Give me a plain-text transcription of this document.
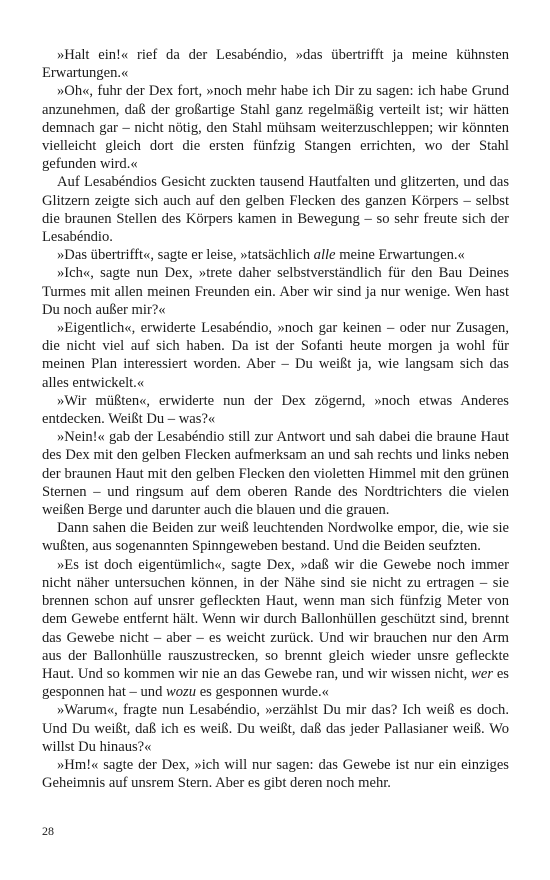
»Halt ein!« rief da der Lesabéndio, »das übertrifft ja meine kühnsten Erwartungen.«

»Oh«, fuhr der Dex fort, »noch mehr habe ich Dir zu sagen: ich habe Grund anzunehmen, daß der großartige Stahl ganz regelmäßig verteilt ist; wir hätten demnach gar – nicht nötig, den Stahl mühsam weiterzuschleppen; wir könnten vielleicht gleich dort die ersten fünfzig Stangen errichten, wo der Stahl gefunden wird.«

Auf Lesabéndios Gesicht zuckten tausend Hautfalten und glitzerten, und das Glitzern zeigte sich auch auf den gelben Flecken des ganzen Körpers – selbst die braunen Stellen des Körpers kamen in Bewegung – so sehr freute sich der Lesabéndio.

»Das übertrifft«, sagte er leise, »tatsächlich alle meine Erwartungen.«

»Ich«, sagte nun Dex, »trete daher selbstverständlich für den Bau Deines Turmes mit allen meinen Freunden ein. Aber wir sind ja nur wenige. Wen hast Du noch außer mir?«

»Eigentlich«, erwiderte Lesabéndio, »noch gar keinen – oder nur Zusagen, die nicht viel auf sich haben. Da ist der Sofanti heute morgen ja wohl für meinen Plan interessiert worden. Aber – Du weißt ja, wie langsam sich das alles entwickelt.«

»Wir müßten«, erwiderte nun der Dex zögernd, »noch etwas Anderes entdecken. Weißt Du – was?«

»Nein!« gab der Lesabéndio still zur Antwort und sah dabei die braune Haut des Dex mit den gelben Flecken aufmerksam an und sah rechts und links neben der braunen Haut mit den gelben Flecken den violetten Himmel mit den grünen Sternen – und ringsum auf dem oberen Rande des Nordtrichters die vielen weißen Berge und darunter auch die blauen und die grauen.

Dann sahen die Beiden zur weiß leuchtenden Nordwolke empor, die, wie sie wußten, aus sogenannten Spinngeweben bestand. Und die Beiden seufzten.

»Es ist doch eigentümlich«, sagte Dex, »daß wir die Gewebe noch immer nicht näher untersuchen können, in der Nähe sind sie nicht zu ertragen – sie brennen schon auf unsrer gefleckten Haut, wenn man sich fünfzig Meter von dem Gewebe entfernt hält. Wenn wir durch Ballonhüllen geschützt sind, brennt das Gewebe nicht – aber – es weicht zurück. Und wir brauchen nur den Arm aus der Ballonhülle rauszustrecken, so brennt gleich wieder unsre gefleckte Haut. Und so kommen wir nie an das Gewebe ran, und wir wissen nicht, wer es gesponnen hat – und wozu es gesponnen wurde.«

»Warum«, fragte nun Lesabéndio, »erzählst Du mir das? Ich weiß es doch. Und Du weißt, daß ich es weiß. Du weißt, daß das jeder Pallasianer weiß. Wo willst Du hinaus?«

»Hm!« sagte der Dex, »ich will nur sagen: das Gewebe ist nur ein einziges Geheimnis auf unsrem Stern. Aber es gibt deren noch mehr.

28
